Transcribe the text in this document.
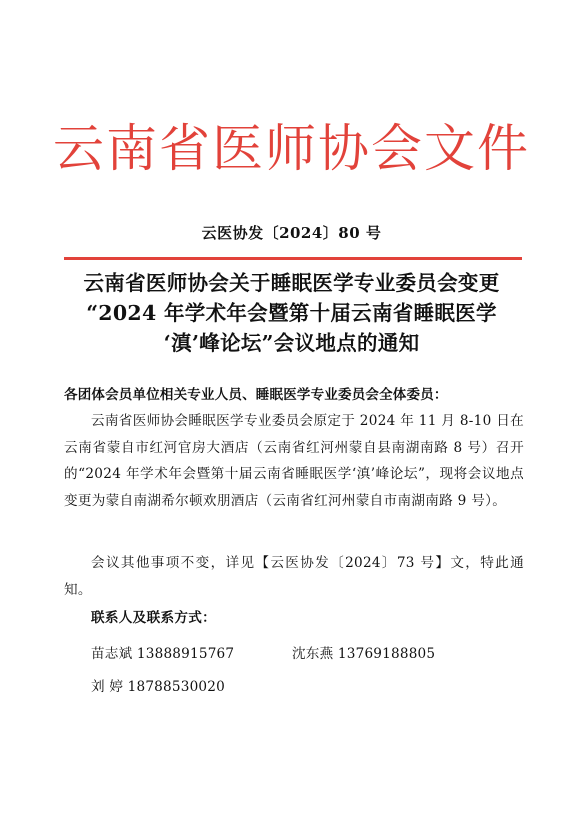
云南省医师协会文件
云医协发〔2024〕80 号
云南省医师协会关于睡眠医学专业委员会变更
“2024 年学术年会暨第十届云南省睡眠医学
‘滇’峰论坛”会议地点的通知
各团体会员单位相关专业人员、睡眠医学专业委员会全体委员：
云南省医师协会睡眠医学专业委员会原定于 2024 年 11 月 8-10 日在云南省蒙自市红河官房大酒店（云南省红河州蒙自县南湖南路 8 号）召开的“2024 年学术年会暨第十届云南省睡眠医学‘滇’峰论坛”，现将会议地点变更为蒙自南湖希尔顿欢朋酒店（云南省红河州蒙自市南湖南路 9 号）。
会议其他事项不变，详见【云医协发〔2024〕73 号】文，特此通知。
联系人及联系方式：
苗志斌 13888915767	沈东燕 13769188805
刘 婷 18788530020
